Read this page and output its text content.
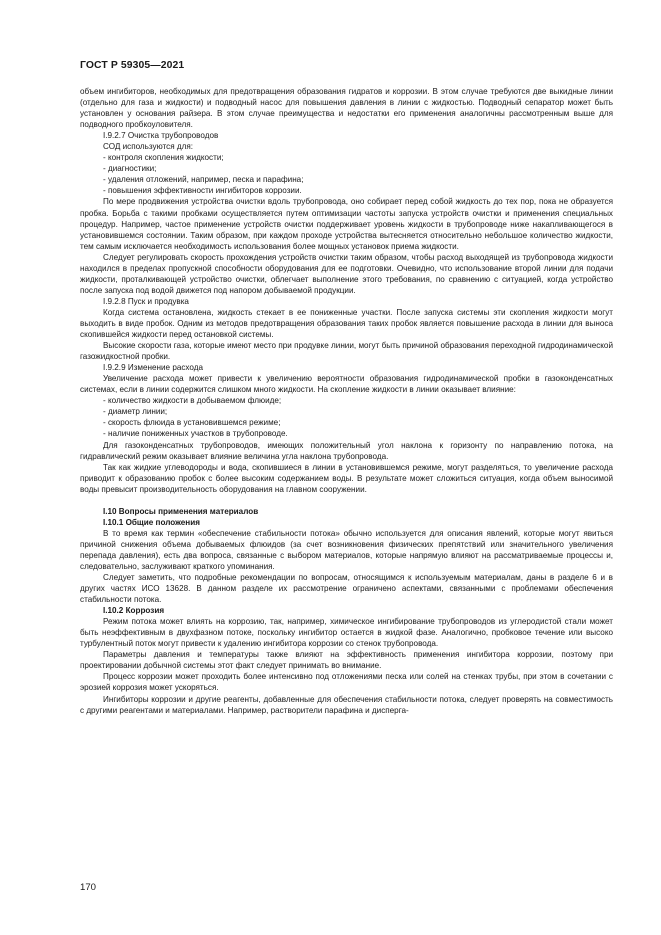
ГОСТ Р 59305—2021

объем ингибиторов, необходимых для предотвращения образования гидратов и коррозии. В этом случае требуются две выкидные линии (отдельно для газа и жидкости) и подводный насос для повышения давления в линии с жидкостью. Подводный сепаратор может быть установлен у основания райзера. В этом случае преимущества и недостатки его применения аналогичны рассмотренным выше для подводного пробкоуловителя.

I.9.2.7 Очистка трубопроводов

СОД используются для:

- контроля скопления жидкости;

- диагностики;

- удаления отложений, например, песка и парафина;

- повышения эффективности ингибиторов коррозии.

По мере продвижения устройства очистки вдоль трубопровода, оно собирает перед собой жидкость до тех пор, пока не образуется пробка. Борьба с такими пробками осуществляется путем оптимизации частоты запуска устройств очистки и применения специальных процедур. Например, частое применение устройств очистки поддерживает уровень жидкости в трубопроводе ниже накапливающегося в установившемся состоянии. Таким образом, при каждом проходе устройства вытесняется относительно небольшое количество жидкости, тем самым исключается необходимость использования более мощных установок приема жидкости.

Следует регулировать скорость прохождения устройств очистки таким образом, чтобы расход выходящей из трубопровода жидкости находился в пределах пропускной способности оборудования для ее подготовки. Очевидно, что использование второй линии для подачи жидкости, проталкивающей устройство очистки, облегчает выполнение этого требования, по сравнению с ситуацией, когда устройство после запуска под водой движется под напором добываемой продукции.

I.9.2.8 Пуск и продувка

Когда система остановлена, жидкость стекает в ее пониженные участки. После запуска системы эти скопления жидкости могут выходить в виде пробок. Одним из методов предотвращения образования таких пробок является повышение расхода в линии для выноса скопившейся жидкости перед остановкой системы.

Высокие скорости газа, которые имеют место при продувке линии, могут быть причиной образования переходной гидродинамической газожидкостной пробки.

I.9.2.9 Изменение расхода

Увеличение расхода может привести к увеличению вероятности образования гидродинамической пробки в газоконденсатных системах, если в линии содержится слишком много жидкости. На скопление жидкости в линии оказывает влияние:

- количество жидкости в добываемом флюиде;

- диаметр линии;

- скорость флюида в установившемся режиме;

- наличие пониженных участков в трубопроводе.

Для газоконденсатных трубопроводов, имеющих положительный угол наклона к горизонту по направлению потока, на гидравлический режим оказывает влияние величина угла наклона трубопровода.

Так как жидкие углеводороды и вода, скопившиеся в линии в установившемся режиме, могут разделяться, то увеличение расхода приводит к образованию пробок с более высоким содержанием воды. В результате может сложиться ситуация, когда объем выносимой воды превысит производительность оборудования на главном сооружении.

I.10 Вопросы применения материалов

I.10.1 Общие положения

В то время как термин «обеспечение стабильности потока» обычно используется для описания явлений, которые могут явиться причиной снижения объема добываемых флюидов (за счет возникновения физических препятствий или значительного увеличения перепада давления), есть два вопроса, связанные с выбором материалов, которые напрямую влияют на рассматриваемые процессы и, следовательно, заслуживают краткого упоминания.

Следует заметить, что подробные рекомендации по вопросам, относящимся к используемым материалам, даны в разделе 6 и в других частях ИСО 13628. В данном разделе их рассмотрение ограничено аспектами, связанными с проблемами обеспечения стабильности потока.

I.10.2 Коррозия

Режим потока может влиять на коррозию, так, например, химическое ингибирование трубопроводов из углеродистой стали может быть неэффективным в двухфазном потоке, поскольку ингибитор остается в жидкой фазе. Аналогично, пробковое течение или высоко турбулентный поток могут привести к удалению ингибитора коррозии со стенок трубопровода.

Параметры давления и температуры также влияют на эффективность применения ингибитора коррозии, поэтому при проектировании добычной системы этот факт следует принимать во внимание.

Процесс коррозии может проходить более интенсивно под отложениями песка или солей на стенках трубы, при этом в сочетании с эрозией коррозия может ускоряться.

Ингибиторы коррозии и другие реагенты, добавленные для обеспечения стабильности потока, следует проверять на совместимость с другими реагентами и материалами. Например, растворители парафина и дисперга-

170
